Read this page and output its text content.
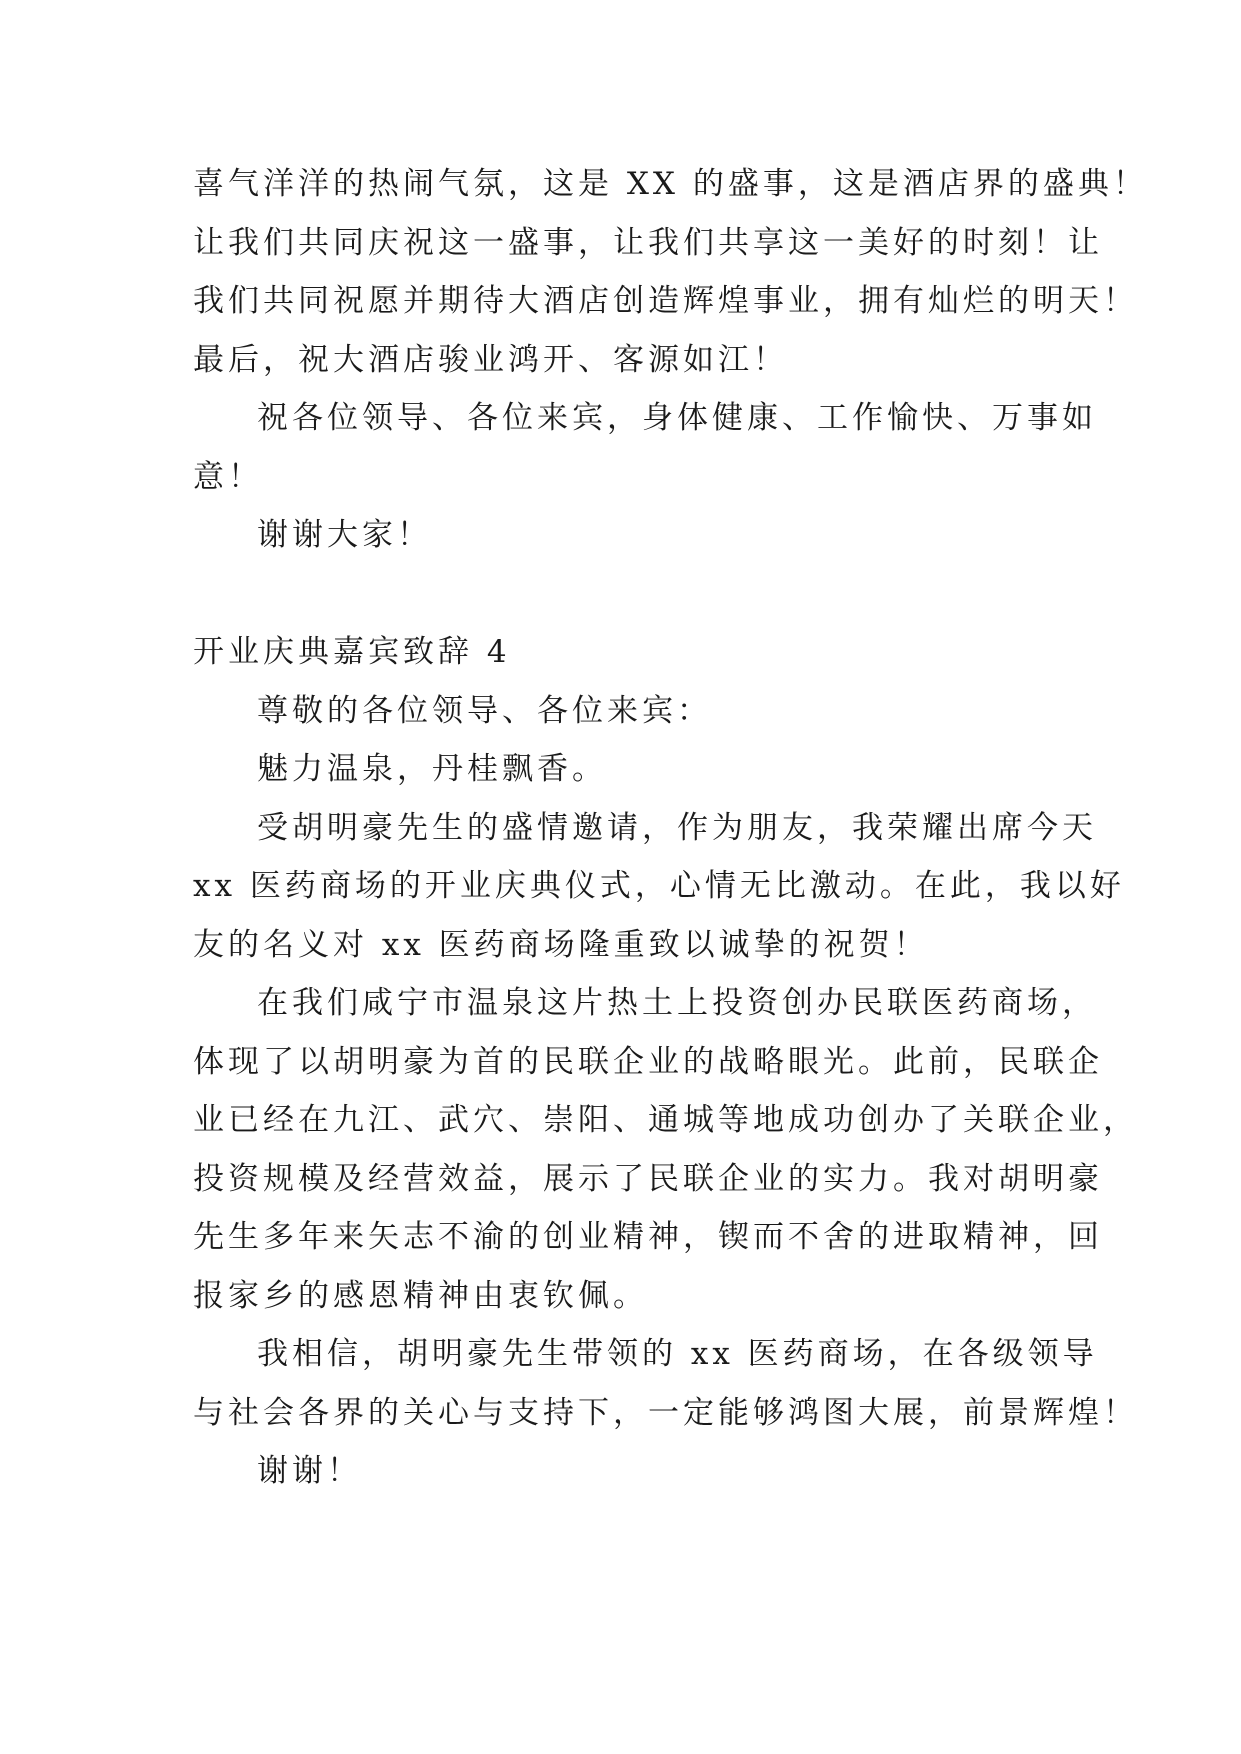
喜气洋洋的热闹气氛，这是 XX 的盛事，这是酒店界的盛典！
让我们共同庆祝这一盛事，让我们共享这一美好的时刻！让
我们共同祝愿并期待大酒店创造辉煌事业，拥有灿烂的明天！
最后，祝大酒店骏业鸿开、客源如江！
祝各位领导、各位来宾，身体健康、工作愉快、万事如
意！
谢谢大家！
开业庆典嘉宾致辞 4
尊敬的各位领导、各位来宾：
魅力温泉，丹桂飘香。
受胡明豪先生的盛情邀请，作为朋友，我荣耀出席今天
xx 医药商场的开业庆典仪式，心情无比激动。在此，我以好
友的名义对 xx 医药商场隆重致以诚挚的祝贺！
在我们咸宁市温泉这片热土上投资创办民联医药商场，
体现了以胡明豪为首的民联企业的战略眼光。此前，民联企
业已经在九江、武穴、崇阳、通城等地成功创办了关联企业，
投资规模及经营效益，展示了民联企业的实力。我对胡明豪
先生多年来矢志不渝的创业精神，锲而不舍的进取精神，回
报家乡的感恩精神由衷钦佩。
我相信，胡明豪先生带领的 xx 医药商场，在各级领导
与社会各界的关心与支持下，一定能够鸿图大展，前景辉煌！
谢谢！
